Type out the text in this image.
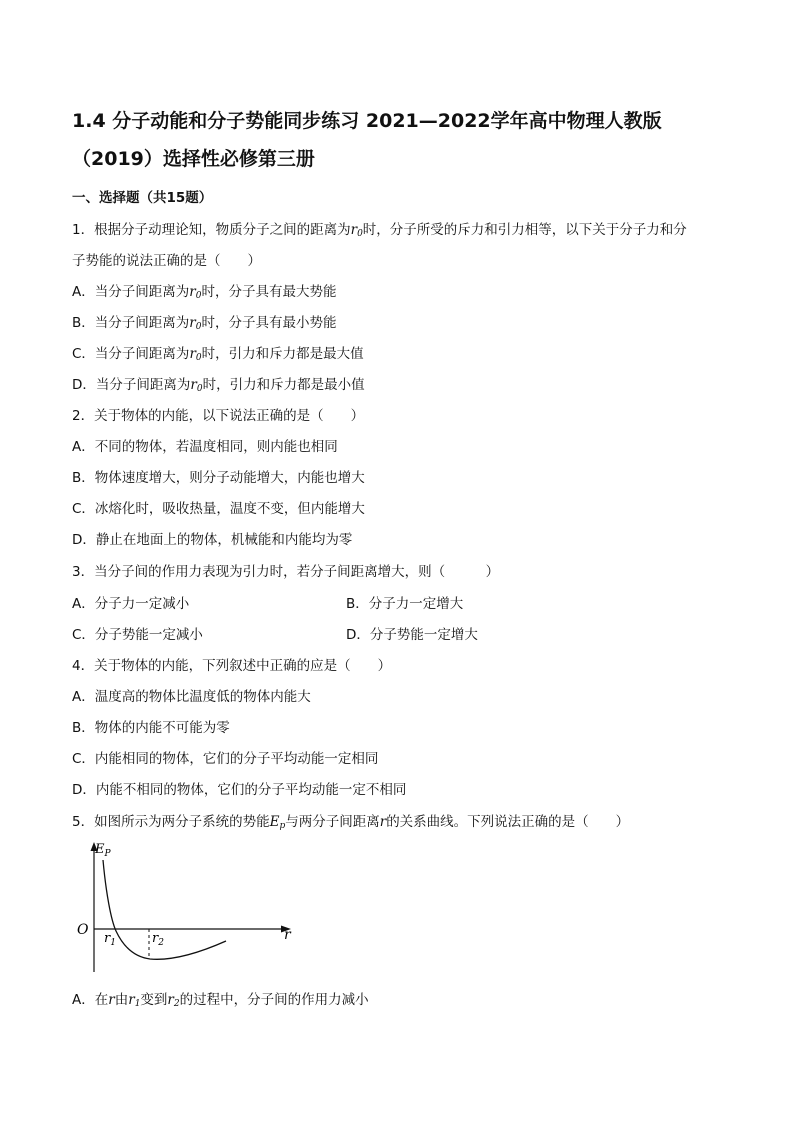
1.4 分子动能和分子势能同步练习 2021—2022学年高中物理人教版
（2019）选择性必修第三册
一、选择题（共15题）
1．根据分子动理论知，物质分子之间的距离为$r_0$时，分子所受的斥力和引力相等，以下关于分子力和分
子势能的说法正确的是（　　）
A．当分子间距离为$r_0$时，分子具有最大势能
B．当分子间距离为$r_0$时，分子具有最小势能
C．当分子间距离为$r_0$时，引力和斥力都是最大值
D．当分子间距离为$r_0$时，引力和斥力都是最小值
2．关于物体的内能，以下说法正确的是（　　）
A．不同的物体，若温度相同，则内能也相同
B．物体速度增大，则分子动能增大，内能也增大
C．冰熔化时，吸收热量，温度不变，但内能增大
D．静止在地面上的物体，机械能和内能均为零
3．当分子间的作用力表现为引力时，若分子间距离增大，则（　　　）
A．分子力一定减小	B．分子力一定增大
C．分子势能一定减小	D．分子势能一定增大
4．关于物体的内能，下列叙述中正确的应是（　　）
A．温度高的物体比温度低的物体内能大
B．物体的内能不可能为零
C．内能相同的物体，它们的分子平均动能一定相同
D．内能不相同的物体，它们的分子平均动能一定不相同
5．如图所示为两分子系统的势能$E_p$与两分子间距离r的关系曲线。下列说法正确的是（　　）
$E_P$
O	r
$r_1$	$r_2$
A．在r由$r_1$变到$r_2$的过程中，分子间的作用力减小
